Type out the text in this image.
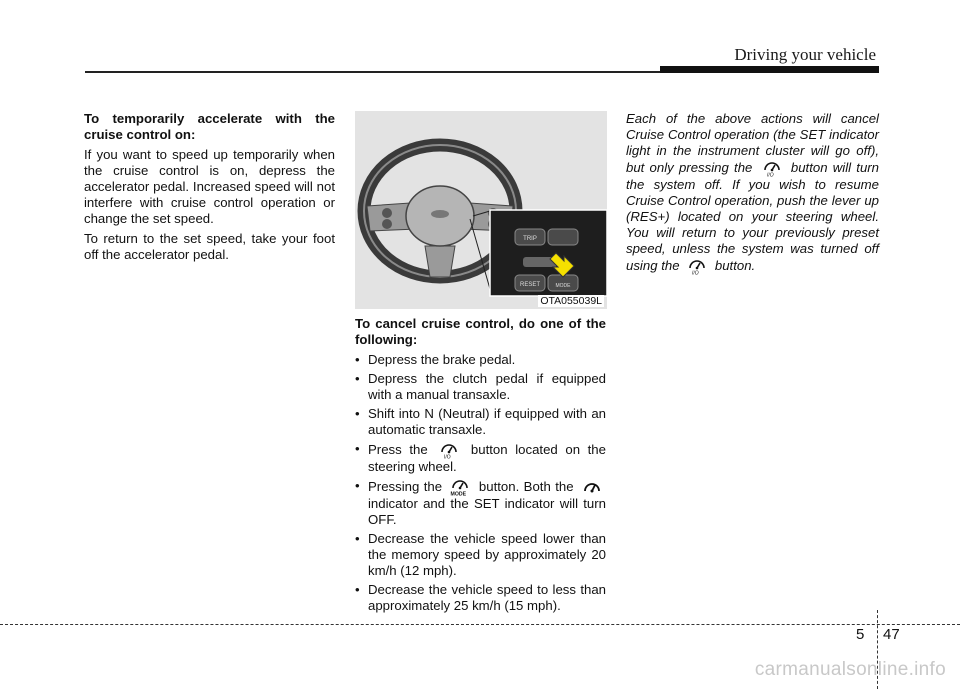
Driving your vehicle

To temporarily accelerate with the cruise control on:

If you want to speed up temporarily when the cruise control is on, depress the accelerator pedal. Increased speed will not interfere with cruise control operation or change the set speed.

To return to the set speed, take your foot off the accelerator pedal.

TRIP
RESET	MODE
OTA055039L

To cancel cruise control, do one of the following:

• Depress the brake pedal.
• Depress the clutch pedal if equipped with a manual transaxle.
• Shift into N (Neutral) if equipped with an automatic transaxle.
• Press the
I/O
button located on the steering wheel.
• Pressing the
MODE
button. Both the  indicator and the SET indicator will turn OFF.
• Decrease the vehicle speed lower than the memory speed by approximately 20 km/h (12 mph).
• Decrease the vehicle speed to less than approximately 25 km/h (15 mph).

Each of the above actions will cancel Cruise Control operation (the SET indicator light in the instrument cluster will go off), but only pressing the
I/O
button will turn the system off. If you wish to resume Cruise Control operation, push the lever up (RES+) located on your steering wheel. You will return to your previously preset speed, unless the system was turned off using the
I/O
button.

5 47
carmanualsonline.info
